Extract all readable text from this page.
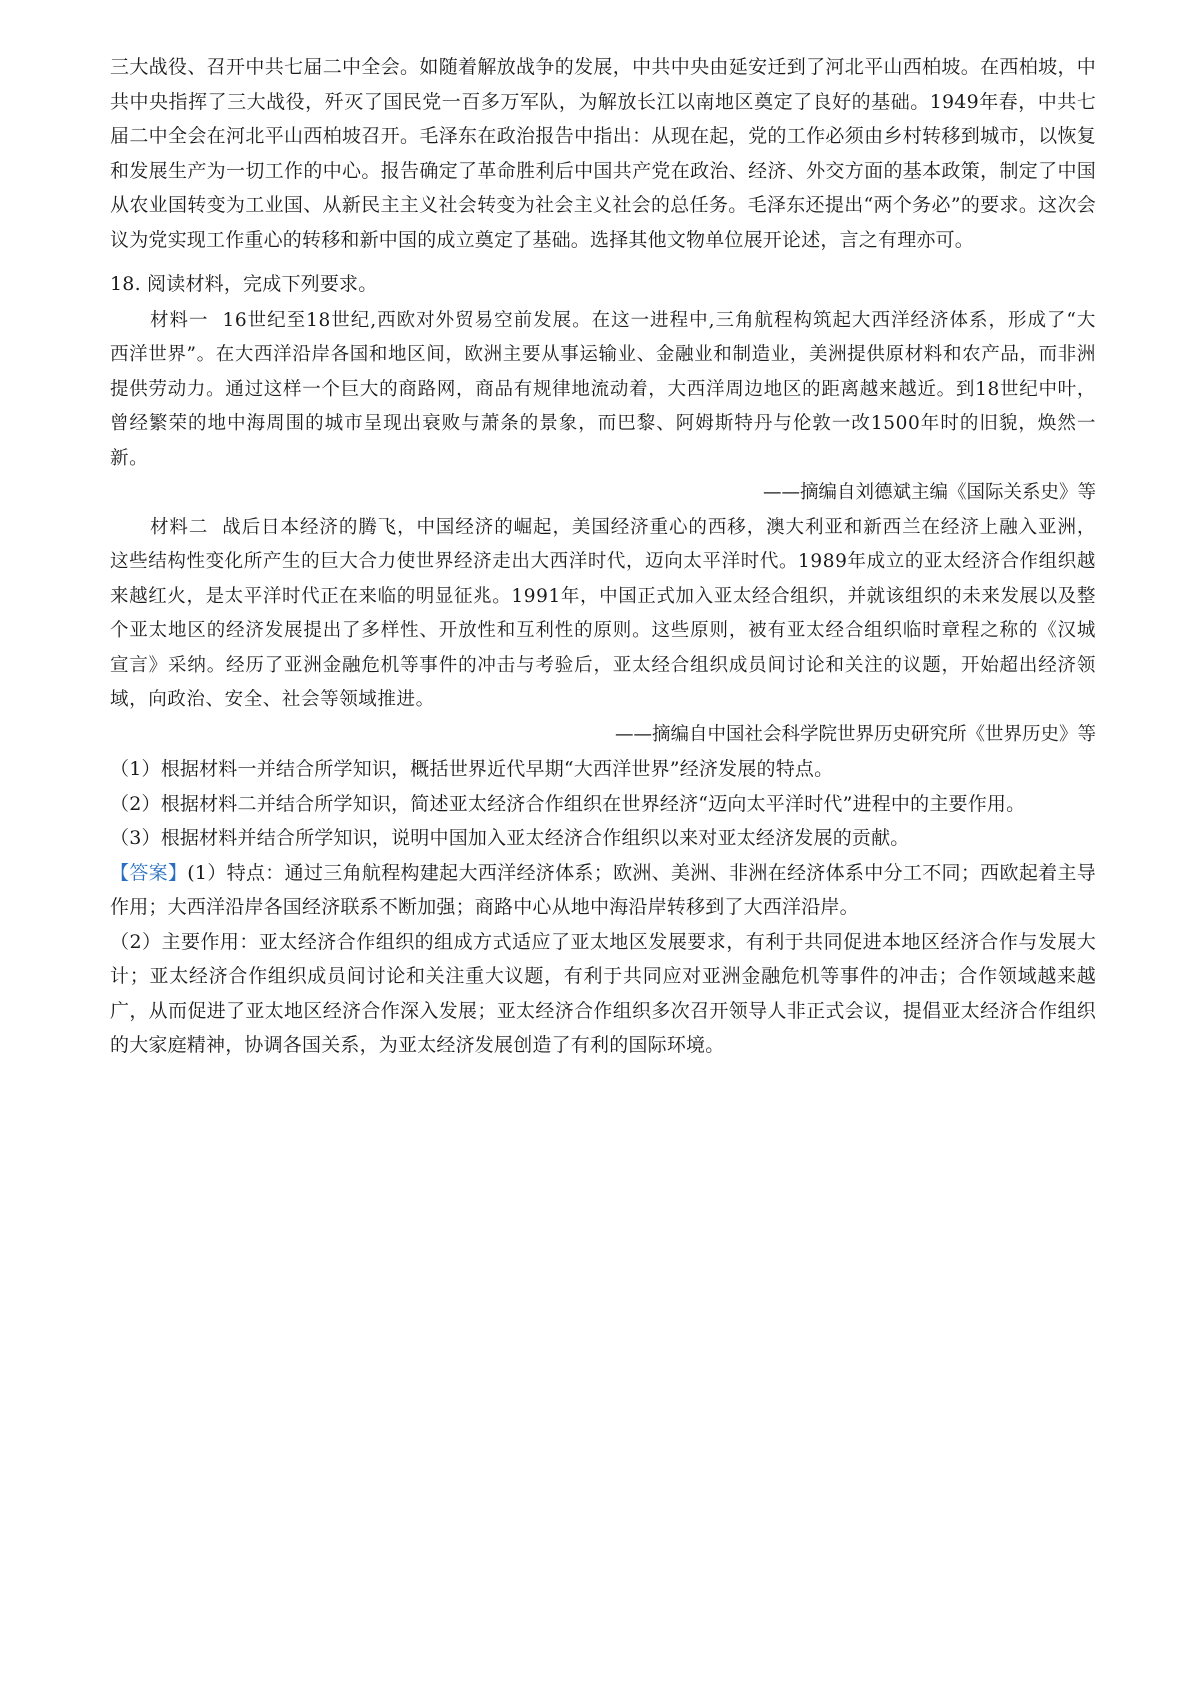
三大战役、召开中共七届二中全会。如随着解放战争的发展，中共中央由延安迁到了河北平山西柏坡。在西柏坡，中共中央指挥了三大战役，歼灭了国民党一百多万军队，为解放长江以南地区奠定了良好的基础。1949年春，中共七届二中全会在河北平山西柏坡召开。毛泽东在政治报告中指出：从现在起，党的工作必须由乡村转移到城市，以恢复和发展生产为一切工作的中心。报告确定了革命胜利后中国共产党在政治、经济、外交方面的基本政策，制定了中国从农业国转变为工业国、从新民主主义社会转变为社会主义社会的总任务。毛泽东还提出“两个务必”的要求。这次会议为党实现工作重心的转移和新中国的成立奠定了基础。选择其他文物单位展开论述，言之有理亦可。

18. 阅读材料，完成下列要求。

材料一 16世纪至18世纪,西欧对外贸易空前发展。在这一进程中,三角航程构筑起大西洋经济体系，形成了“大西洋世界”。在大西洋沿岸各国和地区间，欧洲主要从事运输业、金融业和制造业，美洲提供原材料和农产品，而非洲提供劳动力。通过这样一个巨大的商路网，商品有规律地流动着，大西洋周边地区的距离越来越近。到18世纪中叶，曾经繁荣的地中海周围的城市呈现出衰败与萧条的景象，而巴黎、阿姆斯特丹与伦敦一改1500年时的旧貌，焕然一新。

——摘编自刘德斌主编《国际关系史》等

材料二 战后日本经济的腾飞，中国经济的崛起，美国经济重心的西移，澳大利亚和新西兰在经济上融入亚洲，这些结构性变化所产生的巨大合力使世界经济走出大西洋时代，迈向太平洋时代。1989年成立的亚太经济合作组织越来越红火，是太平洋时代正在来临的明显征兆。1991年，中国正式加入亚太经合组织，并就该组织的未来发展以及整个亚太地区的经济发展提出了多样性、开放性和互利性的原则。这些原则，被有亚太经合组织临时章程之称的《汉城宣言》采纳。经历了亚洲金融危机等事件的冲击与考验后，亚太经合组织成员间讨论和关注的议题，开始超出经济领域，向政治、安全、社会等领域推进。

——摘编自中国社会科学院世界历史研究所《世界历史》等

（1）根据材料一并结合所学知识，概括世界近代早期“大西洋世界”经济发展的特点。

（2）根据材料二并结合所学知识，简述亚太经济合作组织在世界经济“迈向太平洋时代”进程中的主要作用。

（3）根据材料并结合所学知识，说明中国加入亚太经济合作组织以来对亚太经济发展的贡献。

【答案】(1）特点：通过三角航程构建起大西洋经济体系；欧洲、美洲、非洲在经济体系中分工不同；西欧起着主导作用；大西洋沿岸各国经济联系不断加强；商路中心从地中海沿岸转移到了大西洋沿岸。

（2）主要作用：亚太经济合作组织的组成方式适应了亚太地区发展要求，有利于共同促进本地区经济合作与发展大计；亚太经济合作组织成员间讨论和关注重大议题，有利于共同应对亚洲金融危机等事件的冲击；合作领域越来越广，从而促进了亚太地区经济合作深入发展；亚太经济合作组织多次召开领导人非正式会议，提倡亚太经济合作组织的大家庭精神，协调各国关系，为亚太经济发展创造了有利的国际环境。
